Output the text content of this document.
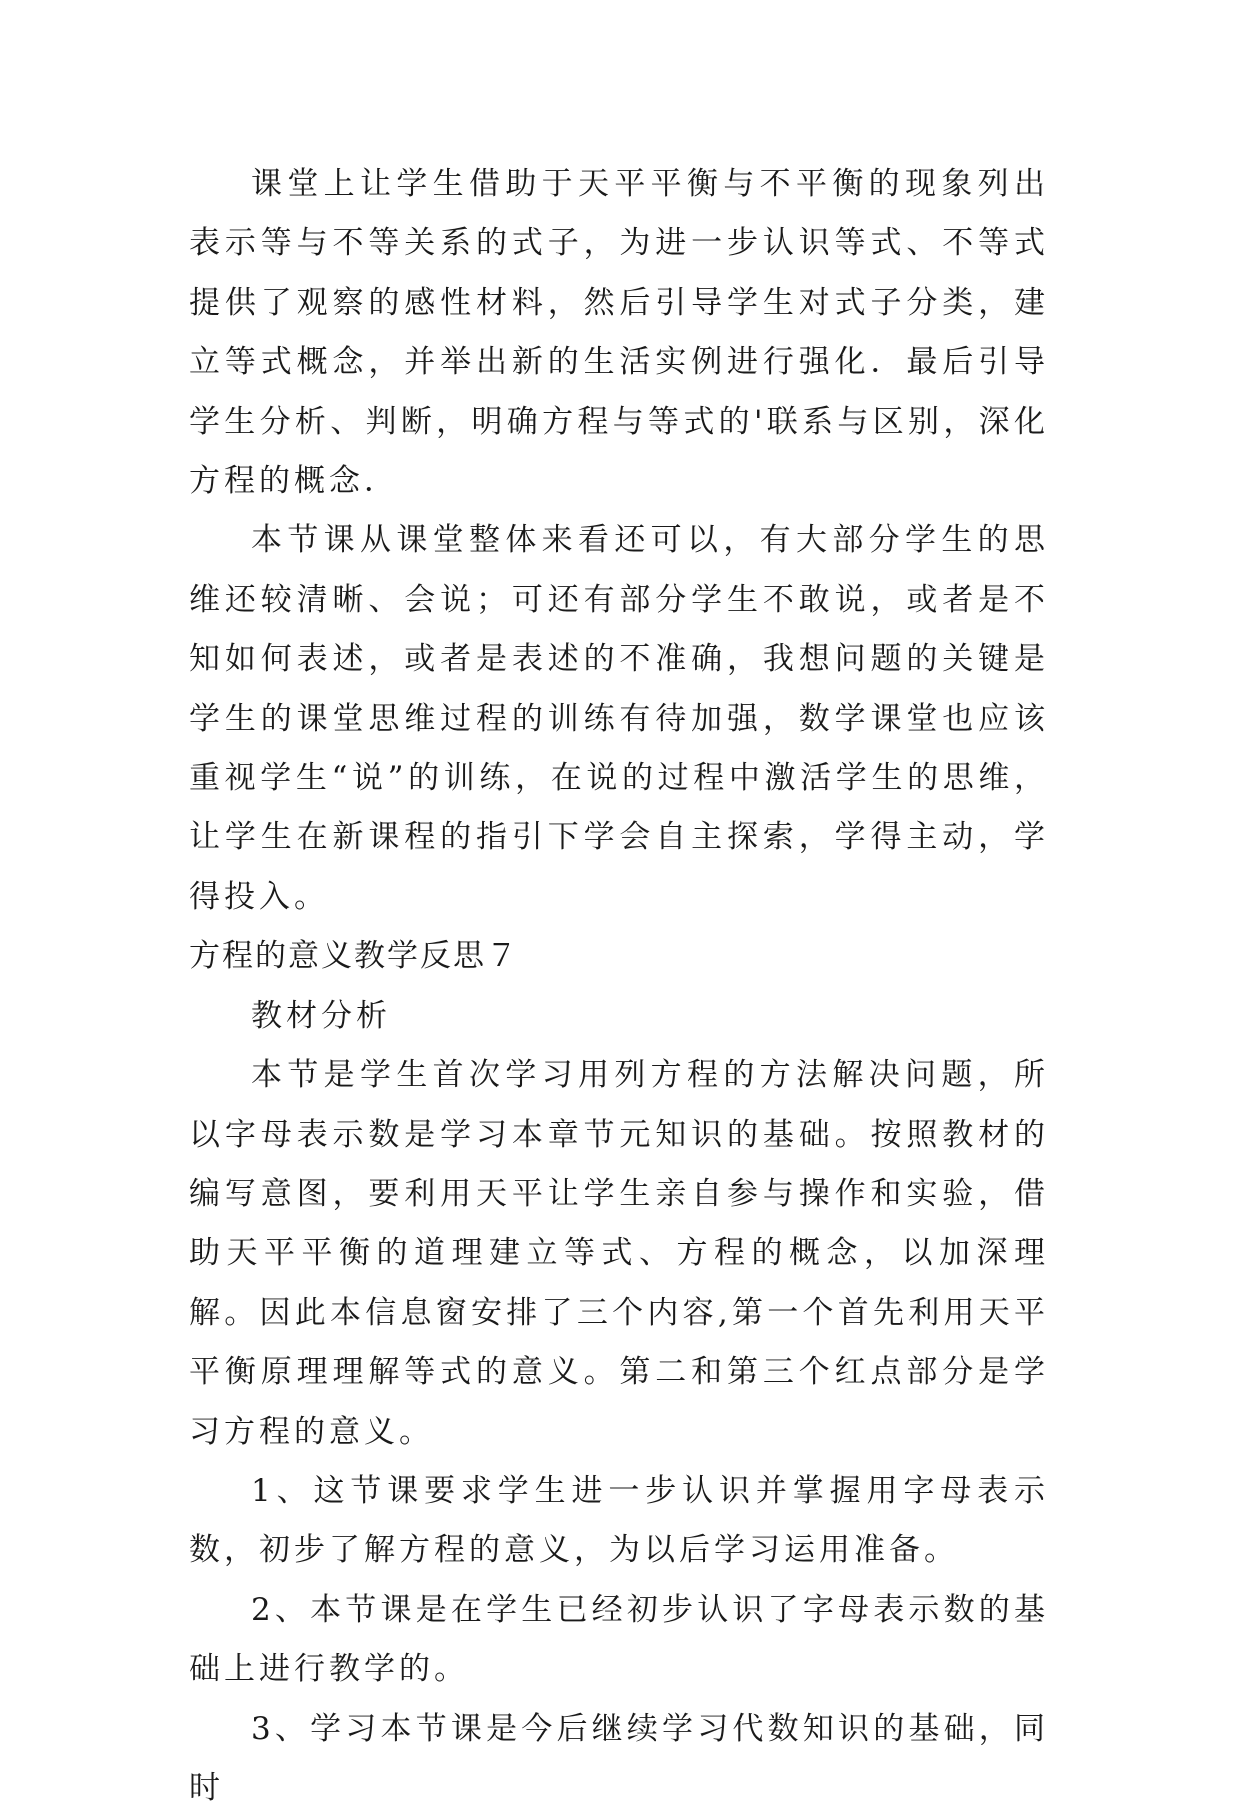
课堂上让学生借助于天平平衡与不平衡的现象列出表示等与不等关系的式子，为进一步认识等式、不等式提供了观察的感性材料，然后引导学生对式子分类，建立等式概念，并举出新的生活实例进行强化．最后引导学生分析、判断，明确方程与等式的'联系与区别，深化方程的概念．

本节课从课堂整体来看还可以，有大部分学生的思维还较清晰、会说；可还有部分学生不敢说，或者是不知如何表述，或者是表述的不准确，我想问题的关键是学生的课堂思维过程的训练有待加强，数学课堂也应该重视学生“说”的训练，在说的过程中激活学生的思维，让学生在新课程的指引下学会自主探索，学得主动，学得投入。

方程的意义教学反思７

教材分析

本节是学生首次学习用列方程的方法解决问题，所以字母表示数是学习本章节元知识的基础。按照教材的编写意图，要利用天平让学生亲自参与操作和实验，借助天平平衡的道理建立等式、方程的概念，以加深理解。因此本信息窗安排了三个内容,第一个首先利用天平平衡原理理解等式的意义。第二和第三个红点部分是学习方程的意义。

1、这节课要求学生进一步认识并掌握用字母表示数，初步了解方程的意义，为以后学习运用准备。

2、本节课是在学生已经初步认识了字母表示数的基础上进行教学的。

3、学习本节课是今后继续学习代数知识的基础，同时
